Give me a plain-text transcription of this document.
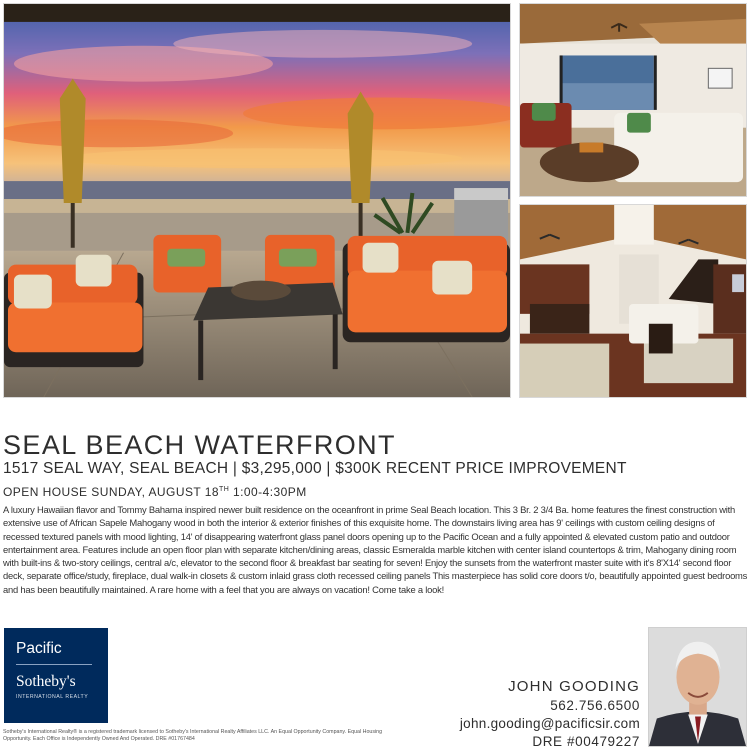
SEAL BEACH WATERFRONT
1517 SEAL WAY, SEAL BEACH | $3,295,000 | $300K RECENT PRICE IMPROVEMENT
OPEN HOUSE SUNDAY, AUGUST 18TH 1:00-4:30PM

A luxury Hawaiian flavor and Tommy Bahama inspired newer built residence on the oceanfront in prime Seal Beach location. This 3 Br. 2 3/4 Ba. home features the finest construction with extensive use of African Sapele Mahogany wood in both the interior & exterior finishes of this exquisite home. The downstairs living area has 9' ceilings with custom ceiling designs of recessed textured panels with mood lighting, 14' of disappearing waterfront glass panel doors opening up to the Pacific Ocean and a fully appointed & elevated custom patio and outdoor entertainment area. Features include an open floor plan with separate kitchen/dining areas, classic Esmeralda marble kitchen with center island countertops & trim, Mahogany dining room with built-ins & two-story ceilings, central a/c, elevator to the second floor & breakfast bar seating for seven! Enjoy the sunsets from the waterfront master suite with it's 8'X14' second floor deck, separate office/study, fireplace, dual walk-in closets & custom inlaid grass cloth recessed ceiling panels This masterpiece has solid core doors t/o, beautifully appointed guest bedrooms and has been beautifully maintained. A rare home with a feel that you are always on vacation! Come take a look!

Pacific
Sotheby's
INTERNATIONAL REALTY
Sotheby's International Realty® is a registered trademark licensed to Sotheby's International Realty Affiliates LLC. An Equal Opportunity Company. Equal Housing Opportunity. Each Office is Independently Owned And Operated. DRE #01767484
JOHN GOODING
562.756.6500
john.gooding@pacificsir.com
DRE #00479227
